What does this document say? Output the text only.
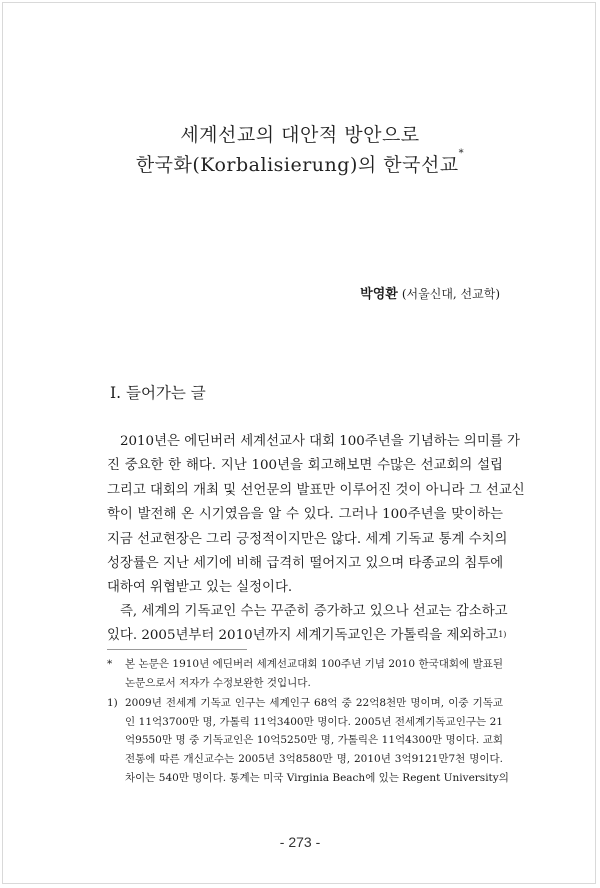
세계선교의 대안적 방안으로
한국화(Korbalisierung)의 한국선교*
박영환 (서울신대, 선교학)
I. 들어가는 글
2010년은 에딘버러 세계선교사 대회 100주년을 기념하는 의미를 가
진 중요한 한 해다. 지난 100년을 회고해보면 수많은 선교회의 설립
그리고 대회의 개최 및 선언문의 발표만 이루어진 것이 아니라 그 선교신
학이 발전해 온 시기였음을 알 수 있다. 그러나 100주년을 맞이하는
지금 선교현장은 그리 긍정적이지만은 않다. 세계 기독교 통계 수치의
성장률은 지난 세기에 비해 급격히 떨어지고 있으며 타종교의 침투에
대하여 위협받고 있는 실정이다.
즉, 세계의 기독교인 수는 꾸준히 증가하고 있으나 선교는 감소하고
있다. 2005년부터 2010년까지 세계기독교인은 가톨릭을 제외하고$^{1)}$
* 본 논문은 1910년 에딘버러 세계선교대회 100주년 기념 2010 한국대회에 발표된
논문으로서 저자가 수정보완한 것입니다.
1) 2009년 전세계 기독교 인구는 세계인구 68억 중 22억8천만 명이며, 이중 기독교
인 11억3700만 명, 가톨릭 11억3400만 명이다. 2005년 전세계기독교인구는 21
억9550만 명 중 기독교인은 10억5250만 명, 가톨릭은 11억4300만 명이다. 교회
전통에 따른 개신교수는 2005년 3억8580만 명, 2010년 3억9121만7천 명이다.
차이는 540만 명이다. 통계는 미국 Virginia Beach에 있는 Regent University의
- 273 -
